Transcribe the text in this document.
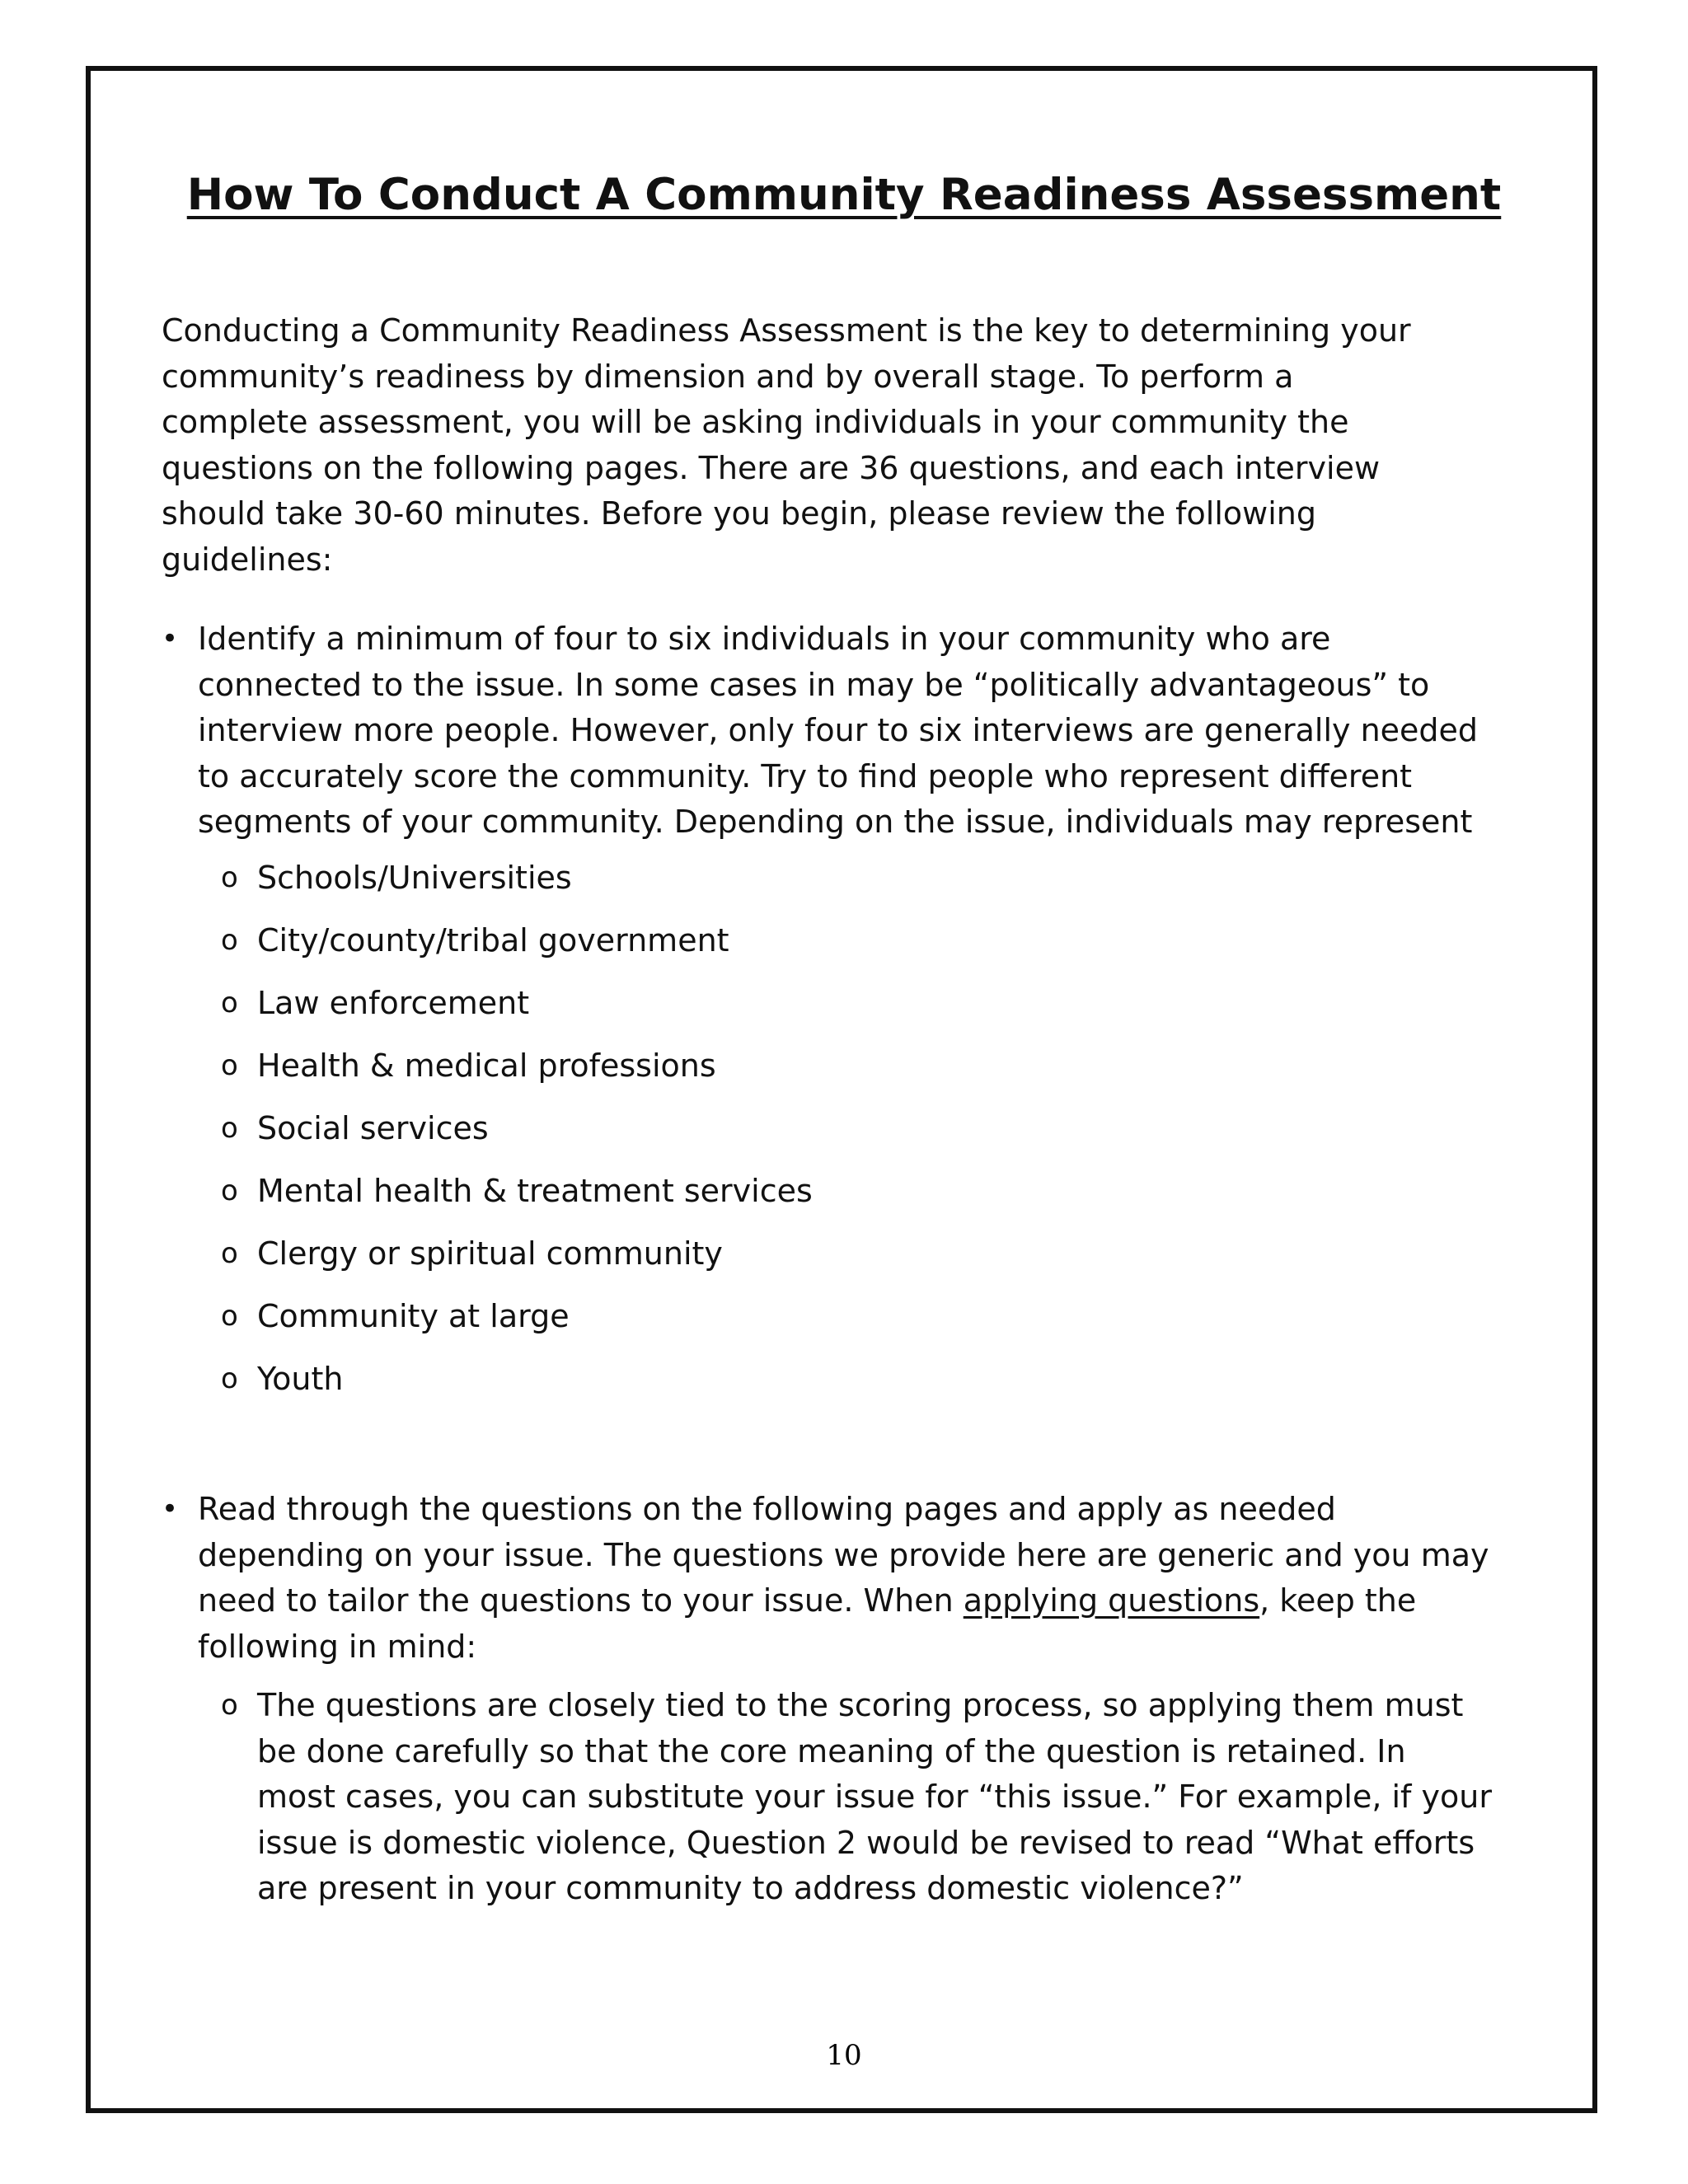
How To Conduct A Community Readiness Assessment

Conducting a Community Readiness Assessment is the key to determining your community’s readiness by dimension and by overall stage. To perform a complete assessment, you will be asking individuals in your community the questions on the following pages. There are 36 questions, and each interview should take 30-60 minutes. Before you begin, please review the following guidelines:

• Identify a minimum of four to six individuals in your community who are connected to the issue. In some cases in may be “politically advantageous” to interview more people. However, only four to six interviews are generally needed to accurately score the community. Try to find people who represent different segments of your community. Depending on the issue, individuals may represent
o Schools/Universities
o City/county/tribal government
o Law enforcement
o Health & medical professions
o Social services
o Mental health & treatment services
o Clergy or spiritual community
o Community at large
o Youth
• Read through the questions on the following pages and apply as needed depending on your issue. The questions we provide here are generic and you may need to tailor the questions to your issue. When applying questions, keep the following in mind:
o The questions are closely tied to the scoring process, so applying them must be done carefully so that the core meaning of the question is retained. In most cases, you can substitute your issue for “this issue.” For example, if your issue is domestic violence, Question 2 would be revised to read “What efforts are present in your community to address domestic violence?”
10
